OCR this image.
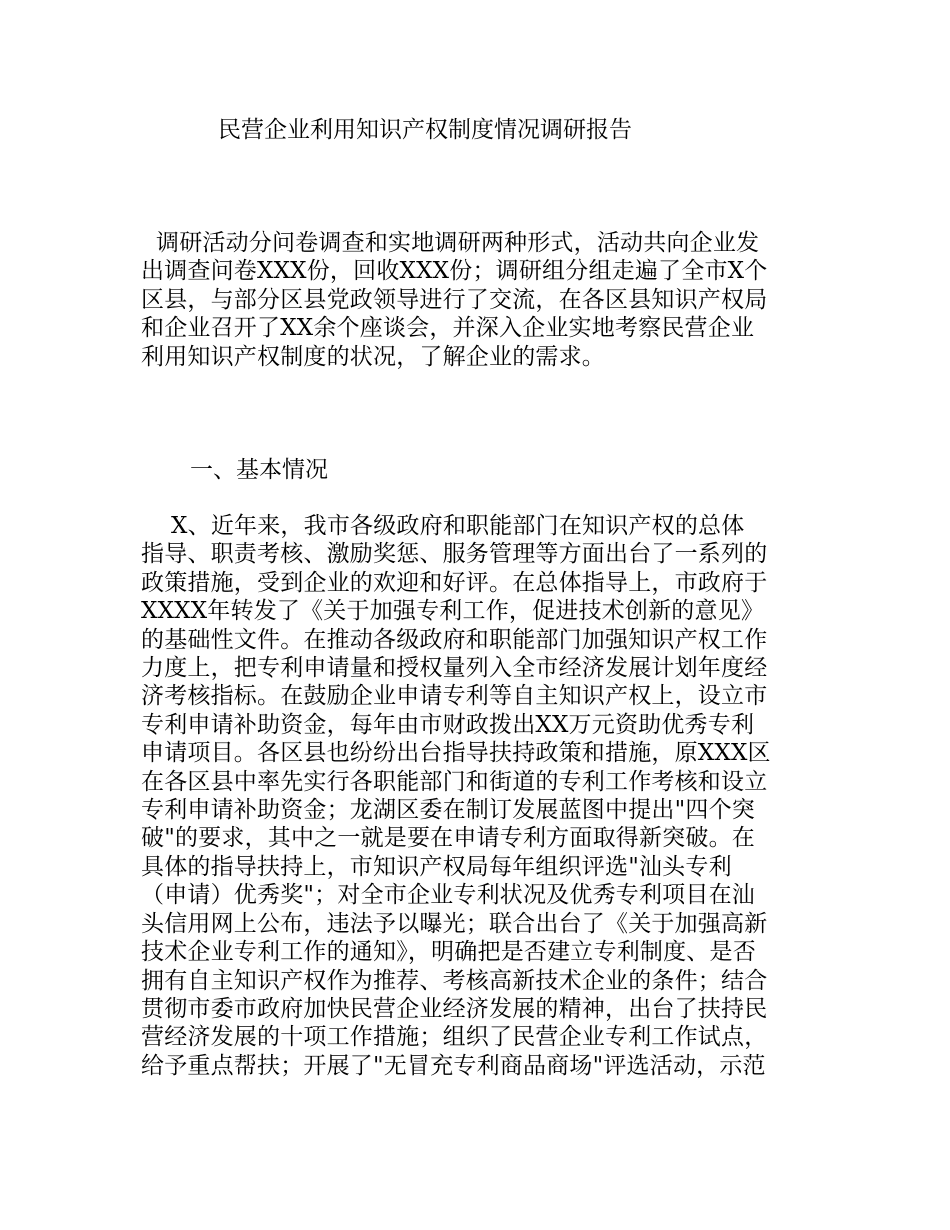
民营企业利用知识产权制度情况调研报告
调研活动分问卷调查和实地调研两种形式，活动共向企业发
出调查问卷XXX份，回收XXX份；调研组分组走遍了全市X个
区县，与部分区县党政领导进行了交流，在各区县知识产权局
和企业召开了XX余个座谈会，并深入企业实地考察民营企业
利用知识产权制度的状况，了解企业的需求。
一、基本情况
X、近年来，我市各级政府和职能部门在知识产权的总体
指导、职责考核、激励奖惩、服务管理等方面出台了一系列的
政策措施，受到企业的欢迎和好评。在总体指导上，市政府于
XXXX年转发了《关于加强专利工作，促进技术创新的意见》
的基础性文件。在推动各级政府和职能部门加强知识产权工作
力度上，把专利申请量和授权量列入全市经济发展计划年度经
济考核指标。在鼓励企业申请专利等自主知识产权上，设立市
专利申请补助资金，每年由市财政拨出XX万元资助优秀专利
申请项目。各区县也纷纷出台指导扶持政策和措施，原XXX区
在各区县中率先实行各职能部门和街道的专利工作考核和设立
专利申请补助资金；龙湖区委在制订发展蓝图中提出"四个突
破"的要求，其中之一就是要在申请专利方面取得新突破。在
具体的指导扶持上，市知识产权局每年组织评选"汕头专利
（申请）优秀奖"；对全市企业专利状况及优秀专利项目在汕
头信用网上公布，违法予以曝光；联合出台了《关于加强高新
技术企业专利工作的通知》，明确把是否建立专利制度、是否
拥有自主知识产权作为推荐、考核高新技术企业的条件；结合
贯彻市委市政府加快民营企业经济发展的精神，出台了扶持民
营经济发展的十项工作措施；组织了民营企业专利工作试点，
给予重点帮扶；开展了"无冒充专利商品商场"评选活动，示范
